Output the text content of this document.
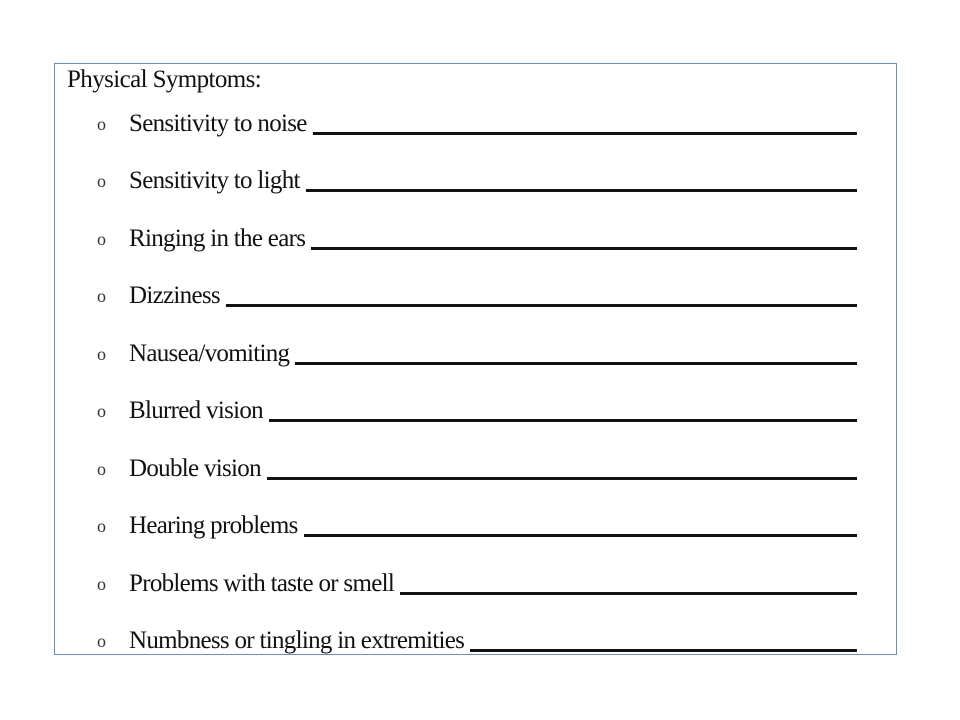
Physical Symptoms:
o Sensitivity to noise
o Sensitivity to light
o Ringing in the ears
o Dizziness
o Nausea/vomiting
o Blurred vision
o Double vision
o Hearing problems
o Problems with taste or smell
o Numbness or tingling in extremities
